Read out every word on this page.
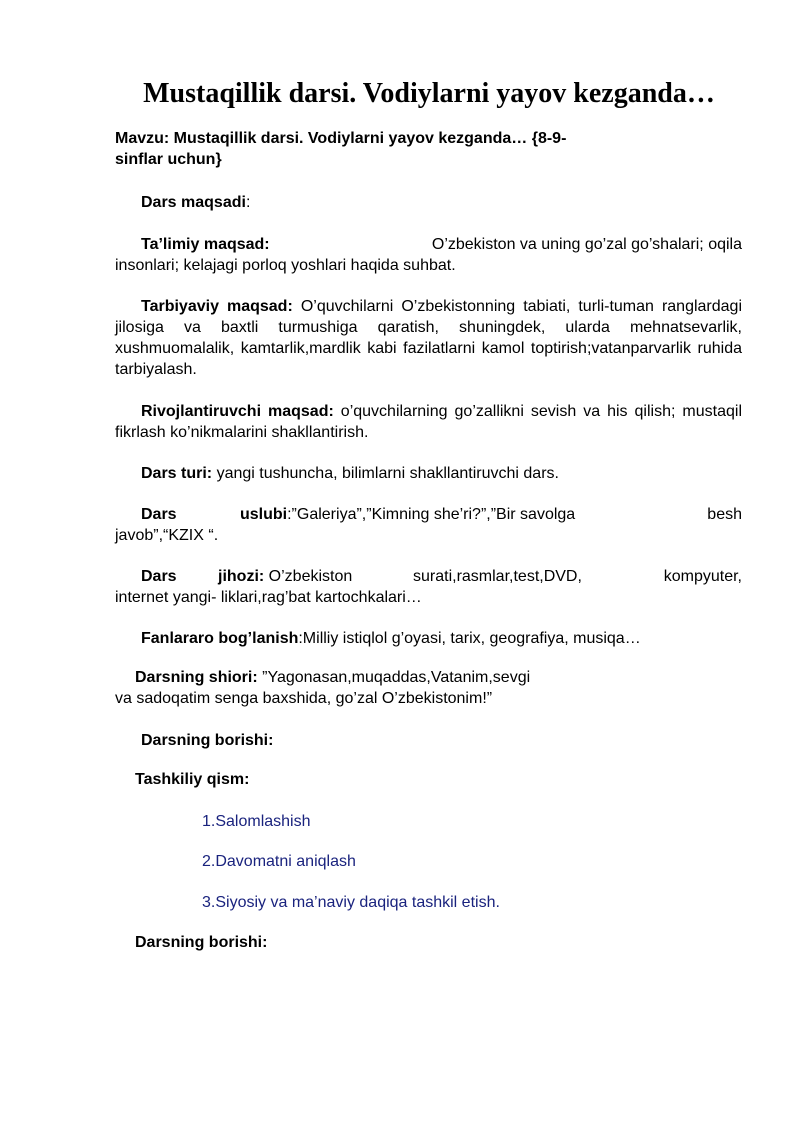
Mustaqillik darsi. Vodiylarni yayov kezganda…
Mavzu: Mustaqillik darsi. Vodiylarni yayov kezganda… {8-9-
sinflar uchun}
Dars maqsadi:
Ta’limiy maqsad:	O’zbekiston va uning go’zal go’shalari; oqila
insonlari; kelajagi porloq yoshlari haqida suhbat.
Tarbiyaviy maqsad: O’quvchilarni O’zbekistonning tabiati, turli-tuman ranglardagi jilosiga va baxtli turmushiga qaratish, shuningdek, ularda mehnatsevarlik, xushmuomalalik, kamtarlik,mardlik kabi fazilatlarni kamol toptirish;vatanparvarlik ruhida tarbiyalash.
Rivojlantiruvchi maqsad: o’quvchilarning go’zallikni sevish va his qilish; mustaqil fikrlash ko’nikmalarini shakllantirish.
Dars turi: yangi tushuncha, bilimlarni shakllantiruvchi dars.
Dars	uslubi:”Galeriya”,”Kimning she’ri?”,”Bir savolga	besh
javob”,“KZIX “.
Dars	jihozi: O’zbekiston	surati,rasmlar,test,DVD,	kompyuter,
internet yangi- liklari,rag’bat kartochkalari…
Fanlararo bog’lanish:Milliy istiqlol g’oyasi, tarix, geografiya, musiqa…
Darsning shiori: ”Yagonasan,muqaddas,Vatanim,sevgi
va sadoqatim senga baxshida, go’zal O’zbekistonim!”
Darsning borishi:
Tashkiliy qism:
1.Salomlashish
2.Davomatni aniqlash
3.Siyosiy va ma’naviy daqiqa tashkil etish.
Darsning borishi:
